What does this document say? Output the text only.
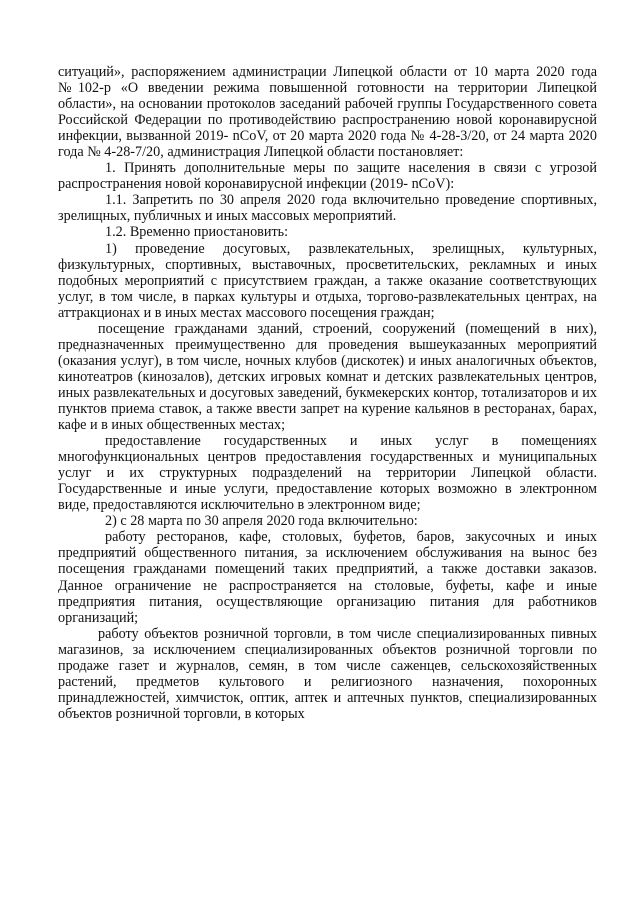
ситуаций», распоряжением администрации Липецкой области от 10 марта 2020 года №102-р «О введении режима повышенной готовности на территории Липецкой области», на основании протоколов заседаний рабочей группы Государственного совета Российской Федерации по противодействию распространению новой коронавирусной инфекции, вызванной 2019- nCoV, от 20 марта 2020 года № 4-28-3/20, от 24 марта 2020 года № 4-28-7/20, администрация Липецкой области постановляет:

1. Принять дополнительные меры по защите населения в связи с угрозой распространения новой коронавирусной инфекции (2019- nCoV):

1.1. Запретить по 30 апреля 2020 года включительно проведение спортивных, зрелищных, публичных и иных массовых мероприятий.

1.2. Временно приостановить:

1) проведение досуговых, развлекательных, зрелищных, культурных, физкультурных, спортивных, выставочных, просветительских, рекламных и иных подобных мероприятий с присутствием граждан, а также оказание соответствующих услуг, в том числе, в парках культуры и отдыха, торгово-развлекательных центрах, на аттракционах и в иных местах массового посещения граждан;

посещение гражданами зданий, строений, сооружений (помещений в них), предназначенных преимущественно для проведения вышеуказанных мероприятий (оказания услуг), в том числе, ночных клубов (дискотек) и иных аналогичных объектов, кинотеатров (кинозалов), детских игровых комнат и детских развлекательных центров, иных развлекательных и досуговых заведений, букмекерских контор, тотализаторов и их пунктов приема ставок, а также ввести запрет на курение кальянов в ресторанах, барах, кафе и в иных общественных местах;

предоставление государственных и иных услуг в помещениях многофункциональных центров предоставления государственных и муниципальных услуг и их структурных подразделений на территории Липецкой области. Государственные и иные услуги, предоставление которых возможно в электронном виде, предоставляются исключительно в электронном виде;

2) с 28 марта по 30 апреля 2020 года включительно:

работу ресторанов, кафе, столовых, буфетов, баров, закусочных и иных предприятий общественного питания, за исключением обслуживания на вынос без посещения гражданами помещений таких предприятий, а также доставки заказов. Данное ограничение не распространяется на столовые, буфеты, кафе и иные предприятия питания, осуществляющие организацию питания для работников организаций;

работу объектов розничной торговли, в том числе специализированных пивных магазинов, за исключением специализированных объектов розничной торговли по продаже газет и журналов, семян, в том числе саженцев, сельскохозяйственных растений, предметов культового и религиозного назначения, похоронных принадлежностей, химчисток, оптик, аптек и аптечных пунктов, специализированных объектов розничной торговли, в которых
